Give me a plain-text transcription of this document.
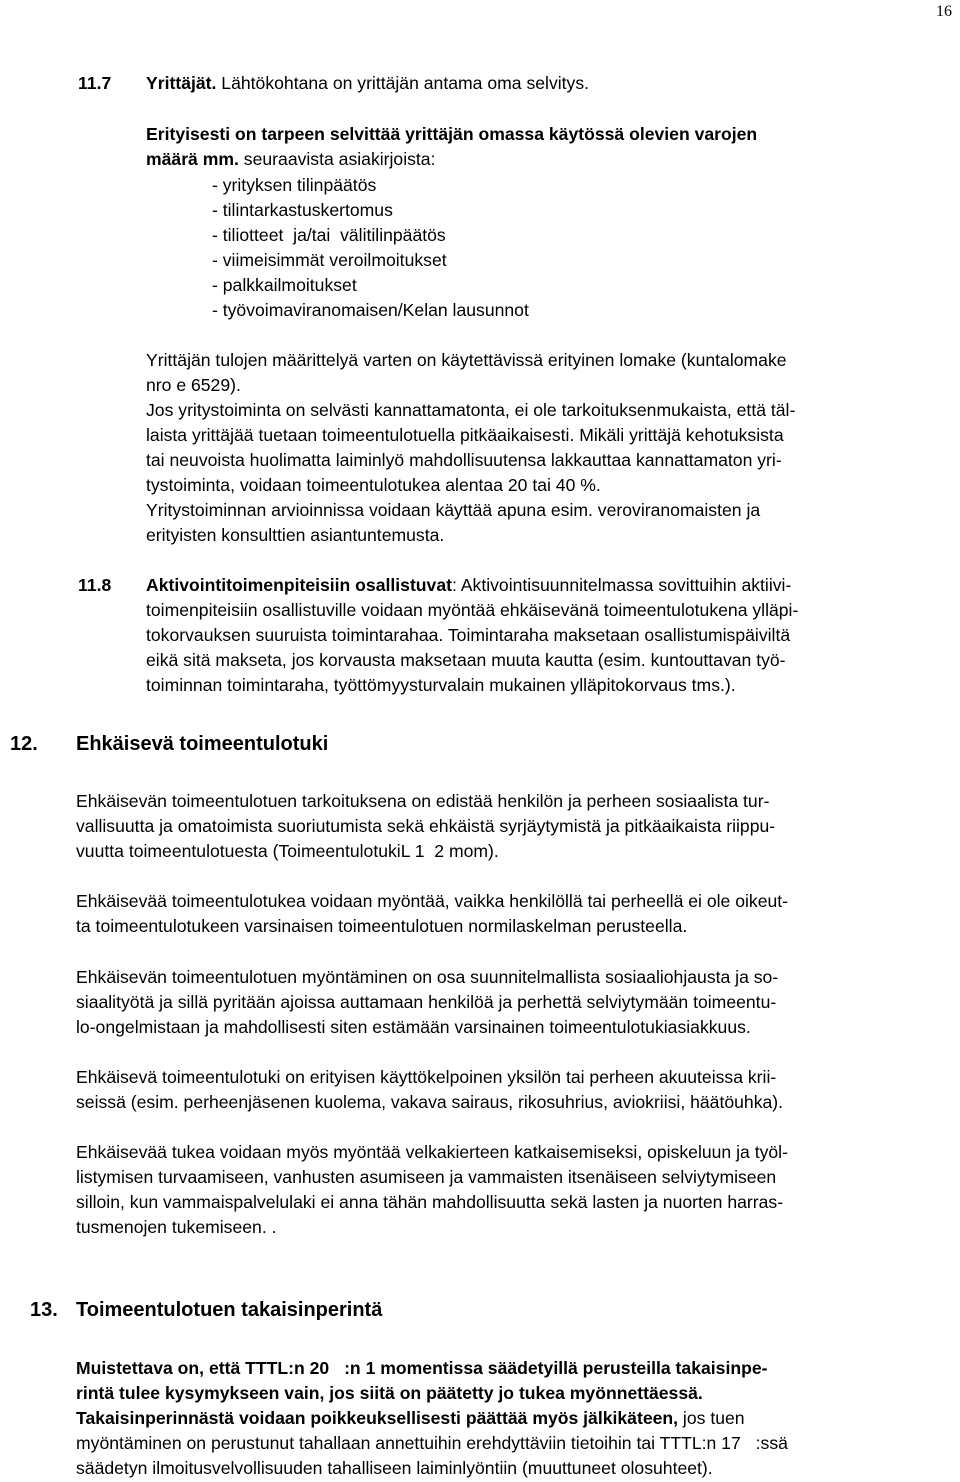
16
11.7 Yrittäjät. Lähtökohtana on yrittäjän antama oma selvitys.
Erityisesti on tarpeen selvittää yrittäjän omassa käytössä olevien varojen
määrä mm. seuraavista asiakirjoista:
- yrityksen tilinpäätös
- tilintarkastuskertomus
- tiliotteet  ja/tai  välitilinpäätös
- viimeisimmät veroilmoitukset
- palkkailmoitukset
- työvoimaviranomaisen/Kelan lausunnot
Yrittäjän tulojen määrittelyä varten on käytettävissä erityinen lomake (kuntalomake
nro e 6529).
Jos yritystoiminta on selvästi kannattamatonta, ei ole tarkoituksenmukaista, että täl-
laista yrittäjää tuetaan toimeentulotuella pitkäaikaisesti. Mikäli yrittäjä kehotuksista
tai neuvoista huolimatta laiminlyö mahdollisuutensa lakkauttaa kannattamaton yri-
tystoiminta, voidaan toimeentulotukea alentaa 20 tai 40 %.
Yritystoiminnan arvioinnissa voidaan käyttää apuna esim. veroviranomaisten ja
erityisten konsulttien asiantuntemusta.
11.8 Aktivointitoimenpiteisiin osallistuvat: Aktivointisuunnitelmassa sovittuihin aktiivi-
toimenpiteisiin osallistuville voidaan myöntää ehkäisevänä toimeentulotukena ylläpi-
tokorvauksen suuruista toimintarahaa. Toimintaraha maksetaan osallistumispäiviltä
eikä sitä makseta, jos korvausta maksetaan muuta kautta (esim. kuntouttavan työ-
toiminnan toimintaraha, työttömyysturvalain mukainen ylläpitokorvaus tms.).
12. Ehkäisevä toimeentulotuki
Ehkäisevän toimeentulotuen tarkoituksena on edistää henkilön ja perheen sosiaalista tur-
vallisuutta ja omatoimista suoriutumista sekä ehkäistä syrjäytymistä ja pitkäaikaista riippu-
vuutta toimeentulotuesta (ToimeentulotukiL 1  2 mom).
Ehkäisevää toimeentulotukea voidaan myöntää, vaikka henkilöllä tai perheellä ei ole oikeut-
ta toimeentulotukeen varsinaisen toimeentulotuen normilaskelman perusteella.
Ehkäisevän toimeentulotuen myöntäminen on osa suunnitelmallista sosiaaliohjausta ja so-
siaalityötä ja sillä pyritään ajoissa auttamaan henkilöä ja perhettä selviytymään toimeentu-
lo-ongelmistaan ja mahdollisesti siten estämään varsinainen toimeentulotukiasiakkuus.
Ehkäisevä toimeentulotuki on erityisen käyttökelpoinen yksilön tai perheen akuuteissa krii-
seissä (esim. perheenjäsenen kuolema, vakava sairaus, rikosuhrius, aviokriisi, häätöuhka).
Ehkäisevää tukea voidaan myös myöntää velkakierteen katkaisemiseksi, opiskeluun ja työl-
listymisen turvaamiseen, vanhusten asumiseen ja vammaisten itsenäiseen selviytymiseen
silloin, kun vammaispalvelulaki ei anna tähän mahdollisuutta sekä lasten ja nuorten harras-
tusmenojen tukemiseen. .
13. Toimeentulotuen takaisinperintä
Muistettava on, että TTTL:n 20 :n 1 momentissa säädetyillä perusteilla takaisinpe-
rintä tulee kysymykseen vain, jos siitä on päätetty jo tukea myönnettäessä.
Takaisinperinnästä voidaan poikkeuksellisesti päättää myös jälkikäteen, jos tuen
myöntäminen on perustunut tahallaan annettuihin erehdyttäviin tietoihin tai TTTL:n 17 :ssä
säädetyn ilmoitusvelvollisuuden tahalliseen laiminlyöntiin (muuttuneet olosuhteet).
